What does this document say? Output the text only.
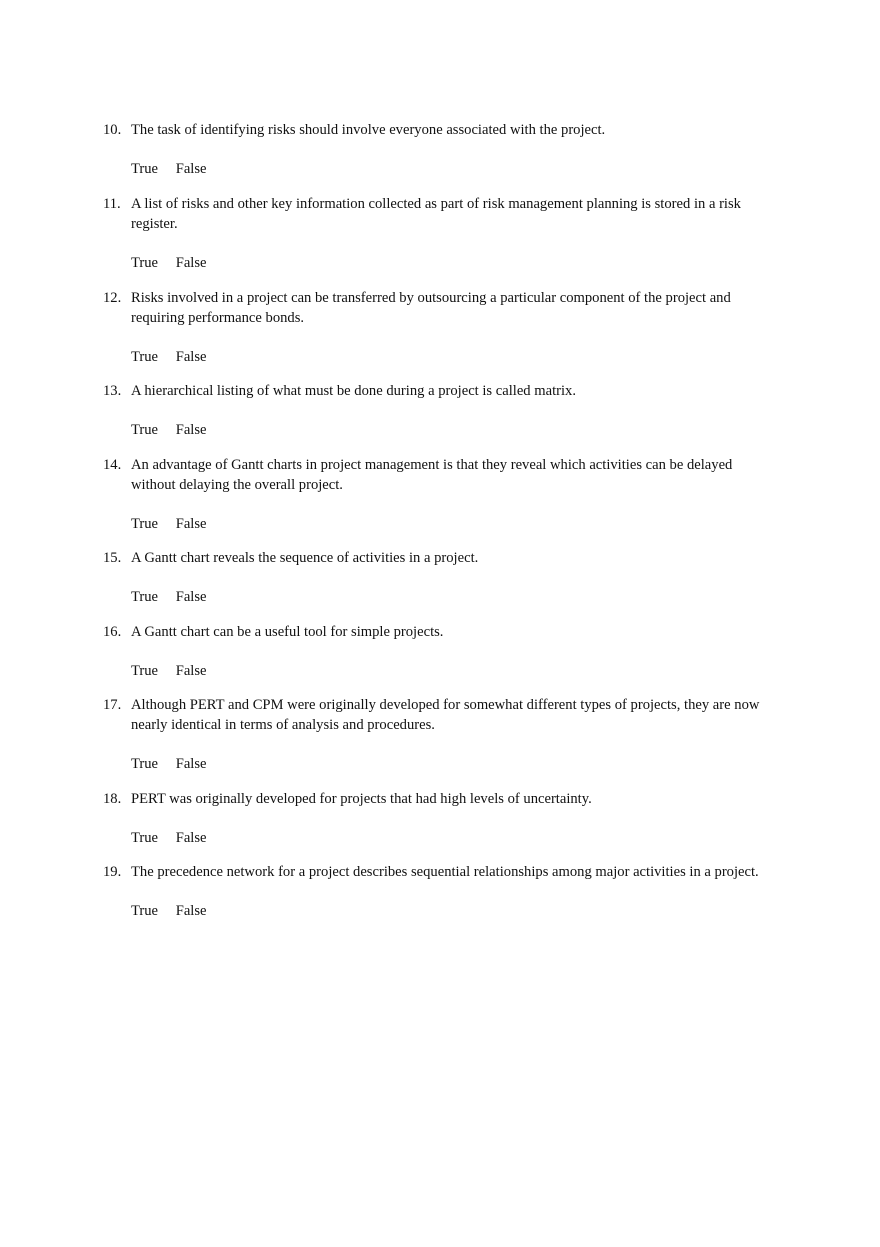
10. The task of identifying risks should involve everyone associated with the project.
True False
11. A list of risks and other key information collected as part of risk management planning is stored in a risk register.
True False
12. Risks involved in a project can be transferred by outsourcing a particular component of the project and requiring performance bonds.
True False
13. A hierarchical listing of what must be done during a project is called matrix.
True False
14. An advantage of Gantt charts in project management is that they reveal which activities can be delayed without delaying the overall project.
True False
15. A Gantt chart reveals the sequence of activities in a project.
True False
16. A Gantt chart can be a useful tool for simple projects.
True False
17. Although PERT and CPM were originally developed for somewhat different types of projects, they are now nearly identical in terms of analysis and procedures.
True False
18. PERT was originally developed for projects that had high levels of uncertainty.
True False
19. The precedence network for a project describes sequential relationships among major activities in a project.
True False
